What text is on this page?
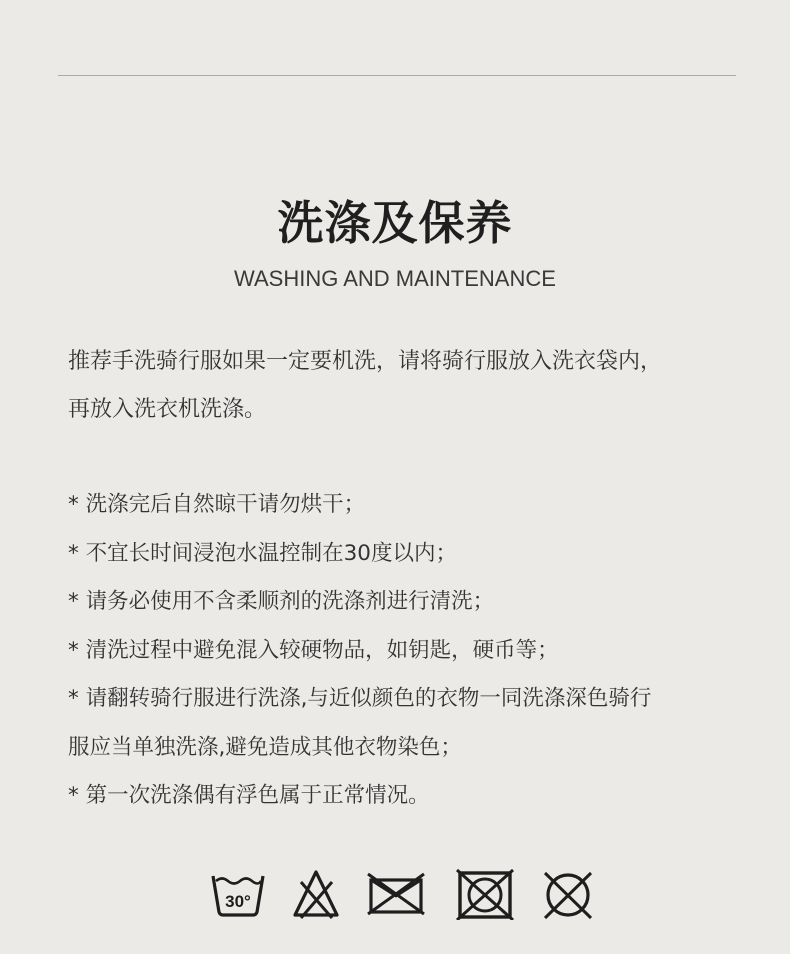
洗涤及保养
WASHING AND MAINTENANCE
推荐手洗骑行服如果一定要机洗，请将骑行服放入洗衣袋内，
再放入洗衣机洗涤。
* 洗涤完后自然晾干请勿烘干；
* 不宜长时间浸泡水温控制在30度以内；
* 请务必使用不含柔顺剂的洗涤剂进行清洗；
* 清洗过程中避免混入较硬物品，如钥匙，硬币等；
* 请翻转骑行服进行洗涤,与近似颜色的衣物一同洗涤深色骑行
服应当单独洗涤,避免造成其他衣物染色；
* 第一次洗涤偶有浮色属于正常情况。
30°
